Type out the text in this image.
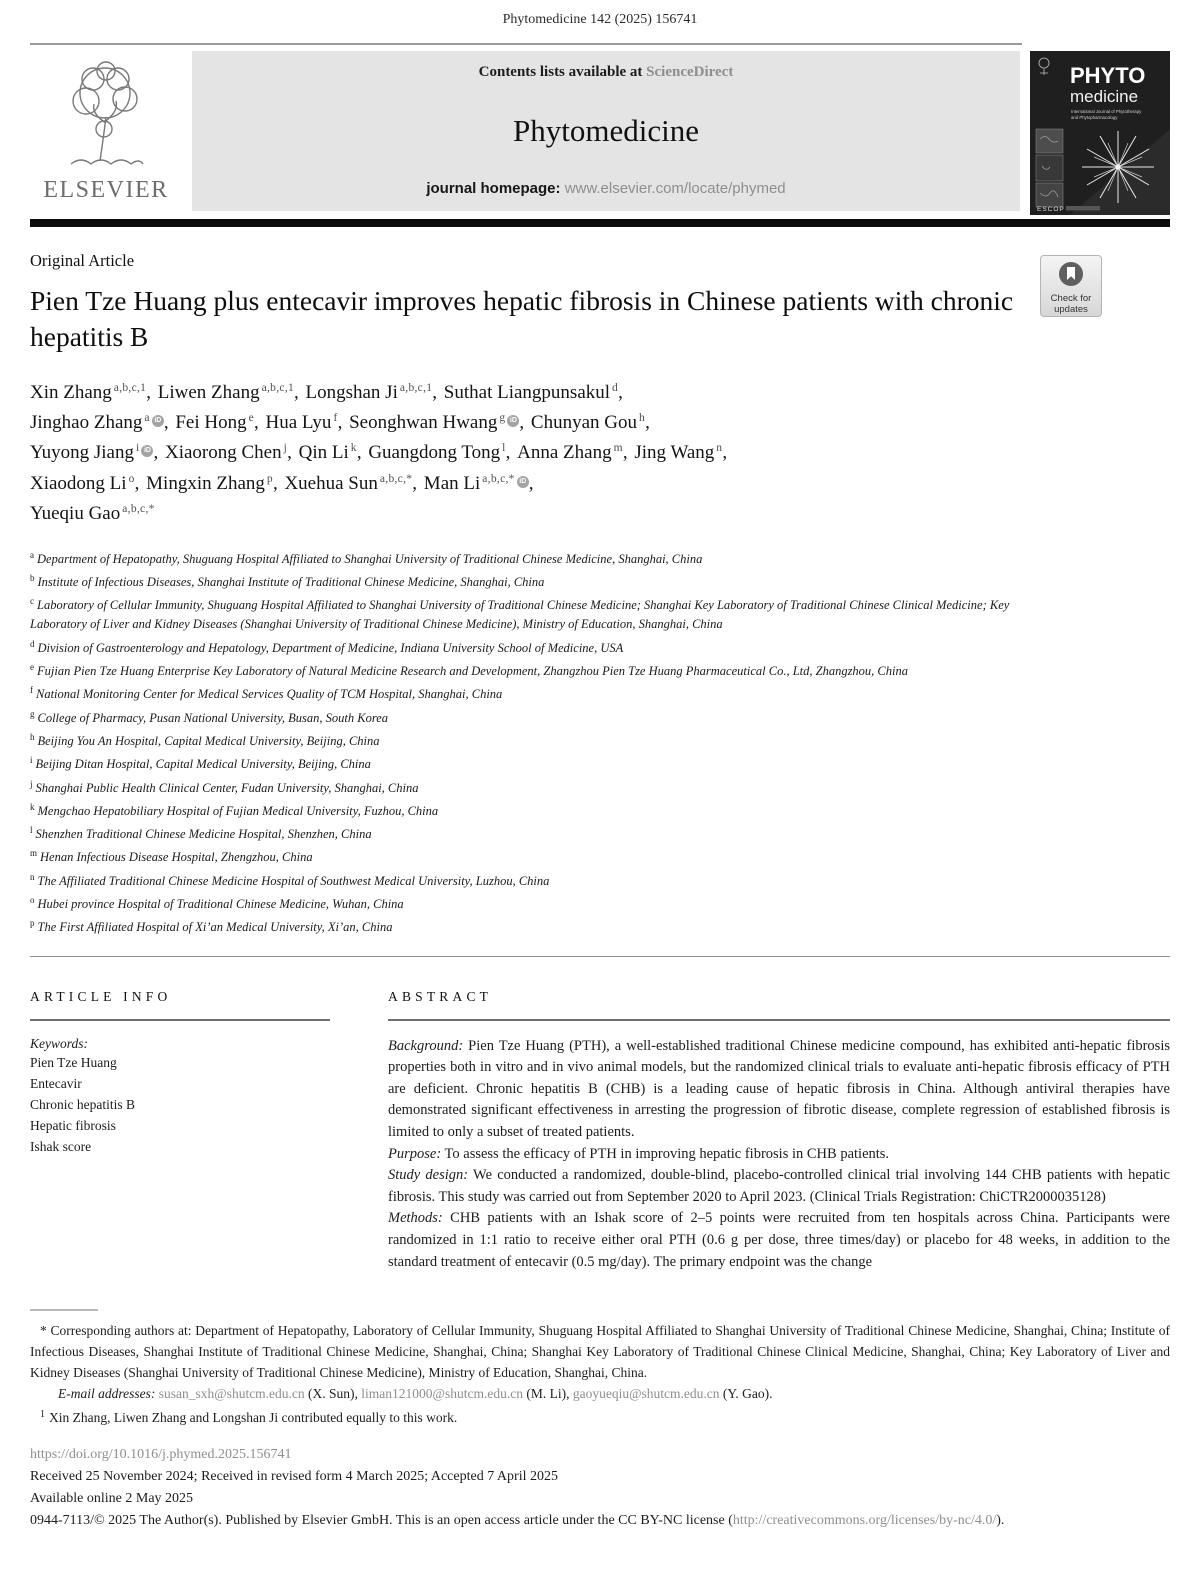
Phytomedicine 142 (2025) 156741
ELSEVIER
Contents lists available at ScienceDirect
Phytomedicine
journal homepage: www.elsevier.com/locate/phymed
PHYTO
medicine
International Journal of Phytotherapy
and Phytopharmacology
ESCOP
Original Article
Pien Tze Huang plus entecavir improves hepatic fibrosis in Chinese patients with chronic hepatitis B
Check for
updates
Xin Zhang $^{a,b,c,1}$, Liwen Zhang $^{a,b,c,1}$, Longshan Ji $^{a,b,c,1}$, Suthat Liangpunsakul $^d$,
Jinghao Zhang $^a$ iD , Fei Hong $^e$, Hua Lyu $^f$, Seonghwan Hwang $^g$ iD , Chunyan Gou $^h$,
Yuyong Jiang $^i$ iD , Xiaorong Chen $^j$, Qin Li $^k$, Guangdong Tong $^l$, Anna Zhang $^m$, Jing Wang $^n$,
Xiaodong Li $^o$, Mingxin Zhang $^p$, Xuehua Sun $^{a,b,c,*}$, Man Li $^{a,b,c,*}$ iD ,
Yueqiu Gao $^{a,b,c,*}$
$^a$ Department of Hepatopathy, Shuguang Hospital Affiliated to Shanghai University of Traditional Chinese Medicine, Shanghai, China
$^b$ Institute of Infectious Diseases, Shanghai Institute of Traditional Chinese Medicine, Shanghai, China
$^c$ Laboratory of Cellular Immunity, Shuguang Hospital Affiliated to Shanghai University of Traditional Chinese Medicine; Shanghai Key Laboratory of Traditional Chinese Clinical Medicine; Key Laboratory of Liver and Kidney Diseases (Shanghai University of Traditional Chinese Medicine), Ministry of Education, Shanghai, China
$^d$ Division of Gastroenterology and Hepatology, Department of Medicine, Indiana University School of Medicine, USA
$^e$ Fujian Pien Tze Huang Enterprise Key Laboratory of Natural Medicine Research and Development, Zhangzhou Pien Tze Huang Pharmaceutical Co., Ltd, Zhangzhou, China
$^f$ National Monitoring Center for Medical Services Quality of TCM Hospital, Shanghai, China
$^g$ College of Pharmacy, Pusan National University, Busan, South Korea
$^h$ Beijing You An Hospital, Capital Medical University, Beijing, China
$^i$ Beijing Ditan Hospital, Capital Medical University, Beijing, China
$^j$ Shanghai Public Health Clinical Center, Fudan University, Shanghai, China
$^k$ Mengchao Hepatobiliary Hospital of Fujian Medical University, Fuzhou, China
$^l$ Shenzhen Traditional Chinese Medicine Hospital, Shenzhen, China
$^m$ Henan Infectious Disease Hospital, Zhengzhou, China
$^n$ The Affiliated Traditional Chinese Medicine Hospital of Southwest Medical University, Luzhou, China
$^o$ Hubei province Hospital of Traditional Chinese Medicine, Wuhan, China
$^p$ The First Affiliated Hospital of Xi’an Medical University, Xi’an, China
ARTICLE INFO
Keywords:
Pien Tze Huang
Entecavir
Chronic hepatitis B
Hepatic fibrosis
Ishak score
ABSTRACT

Background: Pien Tze Huang (PTH), a well-established traditional Chinese medicine compound, has exhibited anti-hepatic fibrosis properties both in vitro and in vivo animal models, but the randomized clinical trials to evaluate anti-hepatic fibrosis efficacy of PTH are deficient. Chronic hepatitis B (CHB) is a leading cause of hepatic fibrosis in China. Although antiviral therapies have demonstrated significant effectiveness in arresting the progression of fibrotic disease, complete regression of established fibrosis is limited to only a subset of treated patients.

Purpose: To assess the efficacy of PTH in improving hepatic fibrosis in CHB patients.

Study design: We conducted a randomized, double-blind, placebo-controlled clinical trial involving 144 CHB patients with hepatic fibrosis. This study was carried out from September 2020 to April 2023. (Clinical Trials Registration: ChiCTR2000035128)

Methods: CHB patients with an Ishak score of 2–5 points were recruited from ten hospitals across China. Participants were randomized in 1:1 ratio to receive either oral PTH (0.6 g per dose, three times/day) or placebo for 48 weeks, in addition to the standard treatment of entecavir (0.5 mg/day). The primary endpoint was the change

* Corresponding authors at: Department of Hepatopathy, Laboratory of Cellular Immunity, Shuguang Hospital Affiliated to Shanghai University of Traditional Chinese Medicine, Shanghai, China; Institute of Infectious Diseases, Shanghai Institute of Traditional Chinese Medicine, Shanghai, China; Shanghai Key Laboratory of Traditional Chinese Clinical Medicine, Shanghai, China; Key Laboratory of Liver and Kidney Diseases (Shanghai University of Traditional Chinese Medicine), Ministry of Education, Shanghai, China.

E-mail addresses: susan_sxh@shutcm.edu.cn (X. Sun), liman121000@shutcm.edu.cn (M. Li), gaoyueqiu@shutcm.edu.cn (Y. Gao).

$^1$ Xin Zhang, Liwen Zhang and Longshan Ji contributed equally to this work.

https://doi.org/10.1016/j.phymed.2025.156741

Received 25 November 2024; Received in revised form 4 March 2025; Accepted 7 April 2025

Available online 2 May 2025

0944-7113/© 2025 The Author(s). Published by Elsevier GmbH. This is an open access article under the CC BY-NC license (http://creativecommons.org/licenses/by-nc/4.0/).
